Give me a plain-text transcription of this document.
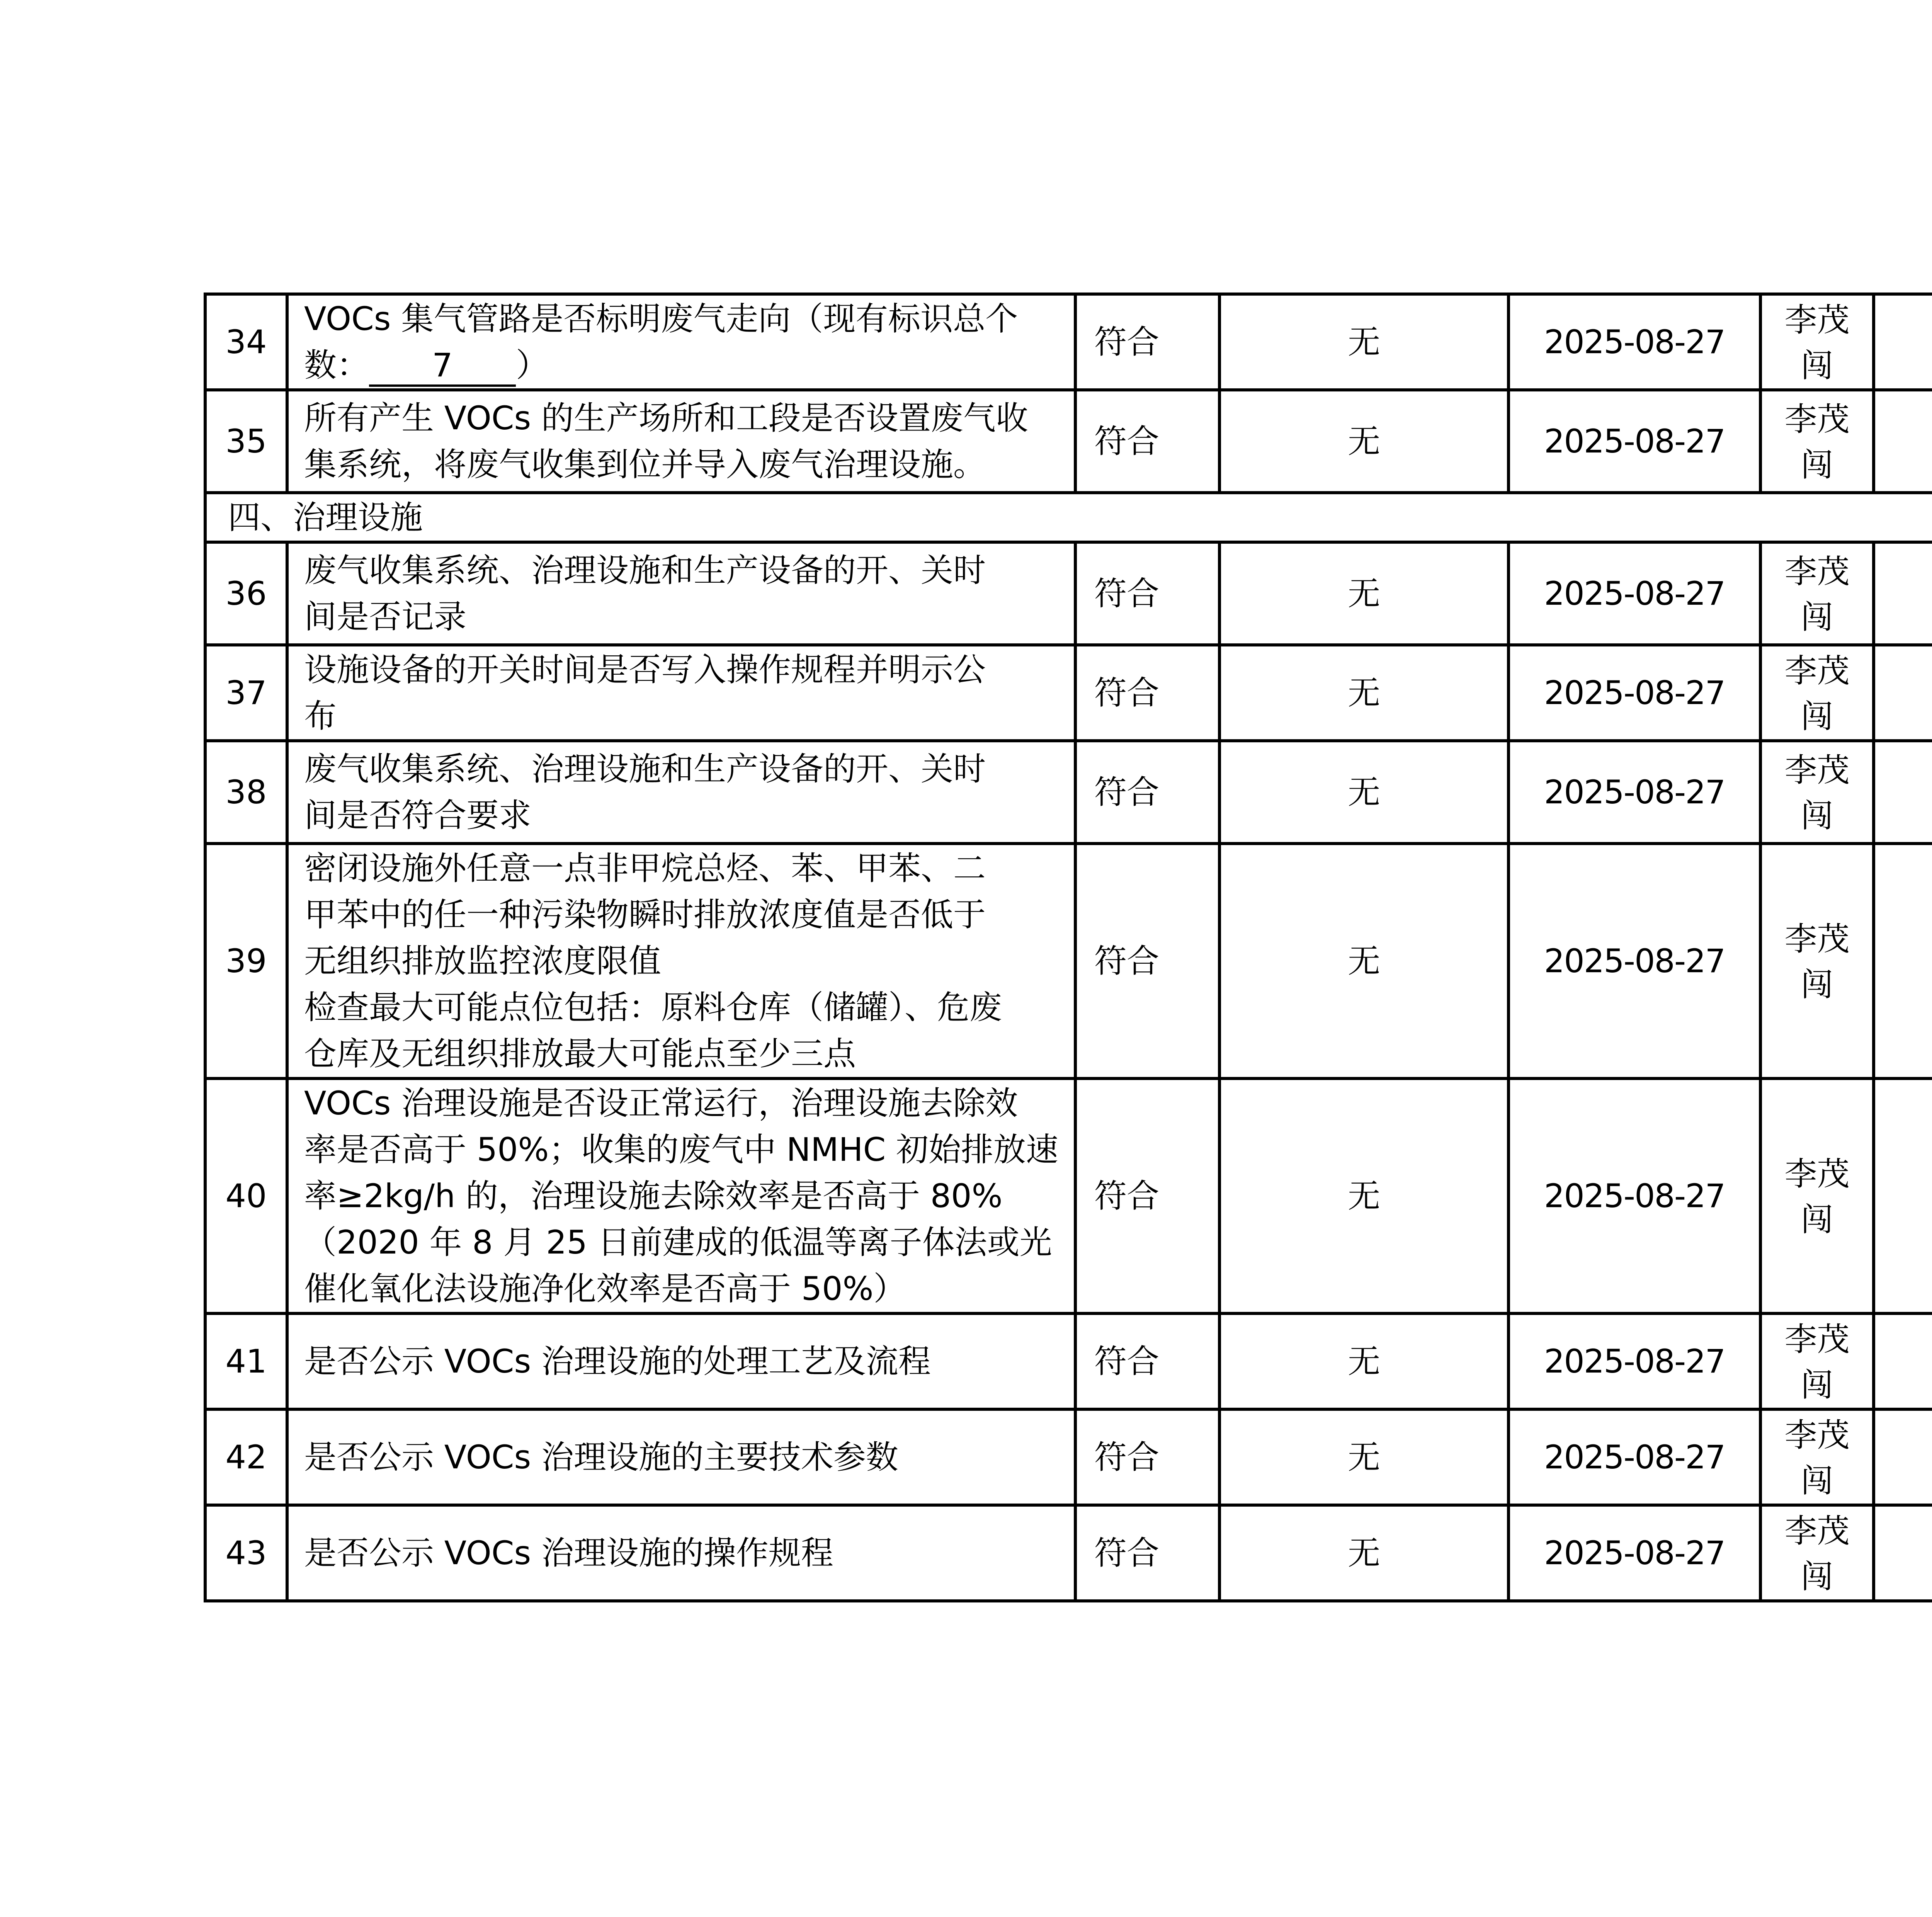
34	VOCs 集气管路是否标明废气走向（现有标识总个
数： 7 ）	符合	无	2025-08-27	李茂
闯				

35	所有产生 VOCs 的生产场所和工段是否设置废气收
集系统，将废气收集到位并导入废气治理设施。	符合	无	2025-08-27	李茂
闯				

四、治理设施									
36	废气收集系统、治理设施和生产设备的开、关时
间是否记录	符合	无	2025-08-27	李茂
闯				

37	设施设备的开关时间是否写入操作规程并明示公
布	符合	无	2025-08-27	李茂
闯				

38	废气收集系统、治理设施和生产设备的开、关时
间是否符合要求	符合	无	2025-08-27	李茂
闯				

39	密闭设施外任意一点非甲烷总烃、苯、甲苯、二
甲苯中的任一种污染物瞬时排放浓度值是否低于
无组织排放监控浓度限值
检查最大可能点位包括：原料仓库（储罐）、危废
仓库及无组织排放最大可能点至少三点	符合	无	2025-08-27	李茂
闯				

40	VOCs 治理设施是否设正常运行，治理设施去除效
率是否高于 50%；收集的废气中 NMHC 初始排放速
率≥2kg/h 的，治理设施去除效率是否高于 80%
（2020 年 8 月 25 日前建成的低温等离子体法或光
催化氧化法设施净化效率是否高于 50%）	符合	无	2025-08-27	李茂
闯				

41	是否公示 VOCs 治理设施的处理工艺及流程	符合	无	2025-08-27	李茂
闯				

42	是否公示 VOCs 治理设施的主要技术参数	符合	无	2025-08-27	李茂
闯				

43	是否公示 VOCs 治理设施的操作规程	符合	无	2025-08-27	李茂
闯				
